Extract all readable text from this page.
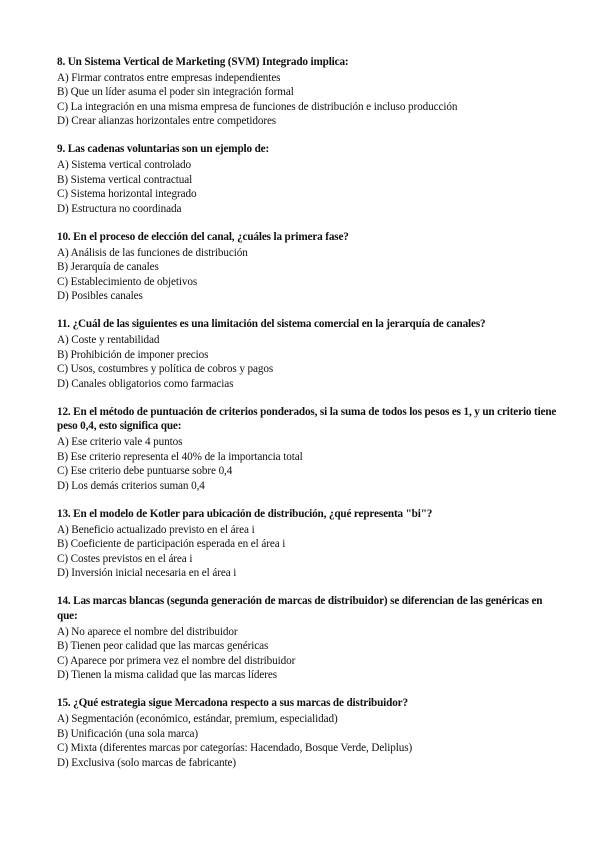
8. Un Sistema Vertical de Marketing (SVM) Integrado implica:
A) Firmar contratos entre empresas independientes
B) Que un líder asuma el poder sin integración formal
C) La integración en una misma empresa de funciones de distribución e incluso producción
D) Crear alianzas horizontales entre competidores
9. Las cadenas voluntarias son un ejemplo de:
A) Sistema vertical controlado
B) Sistema vertical contractual
C) Sistema horizontal integrado
D) Estructura no coordinada
10. En el proceso de elección del canal, ¿cuáles la primera fase?
A) Análisis de las funciones de distribución
B) Jerarquía de canales
C) Establecimiento de objetivos
D) Posibles canales
11. ¿Cuál de las siguientes es una limitación del sistema comercial en la jerarquía de canales?
A) Coste y rentabilidad
B) Prohibición de imponer precios
C) Usos, costumbres y política de cobros y pagos
D) Canales obligatorios como farmacias
12. En el método de puntuación de criterios ponderados, si la suma de todos los pesos es 1, y un criterio tiene peso 0,4, esto significa que:
A) Ese criterio vale 4 puntos
B) Ese criterio representa el 40% de la importancia total
C) Ese criterio debe puntuarse sobre 0,4
D) Los demás criterios suman 0,4
13. En el modelo de Kotler para ubicación de distribución, ¿qué representa "bi"?
A) Beneficio actualizado previsto en el área i
B) Coeficiente de participación esperada en el área i
C) Costes previstos en el área i
D) Inversión inicial necesaria en el área i
14. Las marcas blancas (segunda generación de marcas de distribuidor) se diferencian de las genéricas en que:
A) No aparece el nombre del distribuidor
B) Tienen peor calidad que las marcas genéricas
C) Aparece por primera vez el nombre del distribuidor
D) Tienen la misma calidad que las marcas líderes
15. ¿Qué estrategia sigue Mercadona respecto a sus marcas de distribuidor?
A) Segmentación (económico, estándar, premium, especialidad)
B) Unificación (una sola marca)
C) Mixta (diferentes marcas por categorías: Hacendado, Bosque Verde, Deliplus)
D) Exclusiva (solo marcas de fabricante)
